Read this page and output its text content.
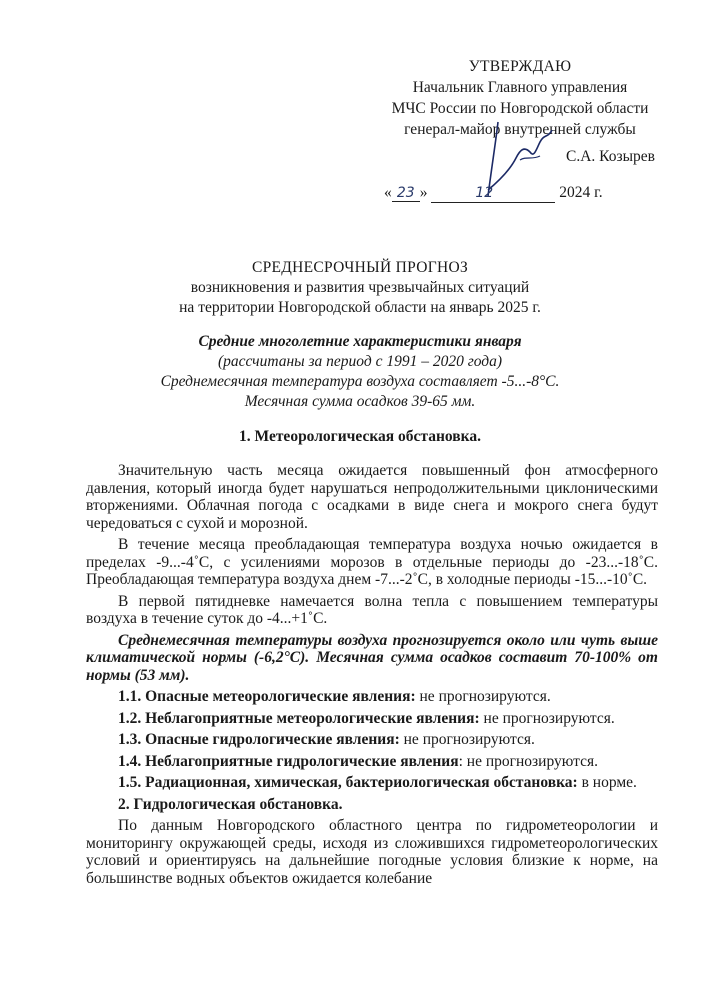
УТВЕРЖДАЮ
Начальник Главного управления
МЧС России по Новгородской области
генерал-майор внутренней службы
С.А. Козырев
« 23 »	12	2024 г.
СРЕДНЕСРОЧНЫЙ ПРОГНОЗ
возникновения и развития чрезвычайных ситуаций
на территории Новгородской области на январь 2025 г.
Средние многолетние характеристики января
(рассчитаны за период с 1991 – 2020 года)
Среднемесячная температура воздуха составляет -5...-8°С.
Месячная сумма осадков 39-65 мм.
1. Метеорологическая обстановка.

Значительную часть месяца ожидается повышенный фон атмосферного давления, который иногда будет нарушаться непродолжительными циклоническими вторжениями. Облачная погода с осадками в виде снега и мокрого снега будут чередоваться с сухой и морозной.

В течение месяца преобладающая температура воздуха ночью ожидается в пределах -9...-4˚С, с усилениями морозов в отдельные периоды до -23...-18˚С. Преобладающая температура воздуха днем -7...-2˚С, в холодные периоды -15...-10˚С.

В первой пятидневке намечается волна тепла с повышением температуры воздуха в течение суток до -4...+1˚С.

Среднемесячная температуры воздуха прогнозируется около или чуть выше климатической нормы (-6,2°С). Месячная сумма осадков составит 70-100% от нормы (53 мм).

1.1. Опасные метеорологические явления: не прогнозируются.

1.2. Неблагоприятные метеорологические явления: не прогнозируются.

1.3. Опасные гидрологические явления: не прогнозируются.

1.4. Неблагоприятные гидрологические явления: не прогнозируются.

1.5. Радиационная, химическая, бактериологическая обстановка: в норме.

2. Гидрологическая обстановка.

По данным Новгородского областного центра по гидрометеорологии и мониторингу окружающей среды, исходя из сложившихся гидрометеорологических условий и ориентируясь на дальнейшие погодные условия близкие к норме, на большинстве водных объектов ожидается колебание
